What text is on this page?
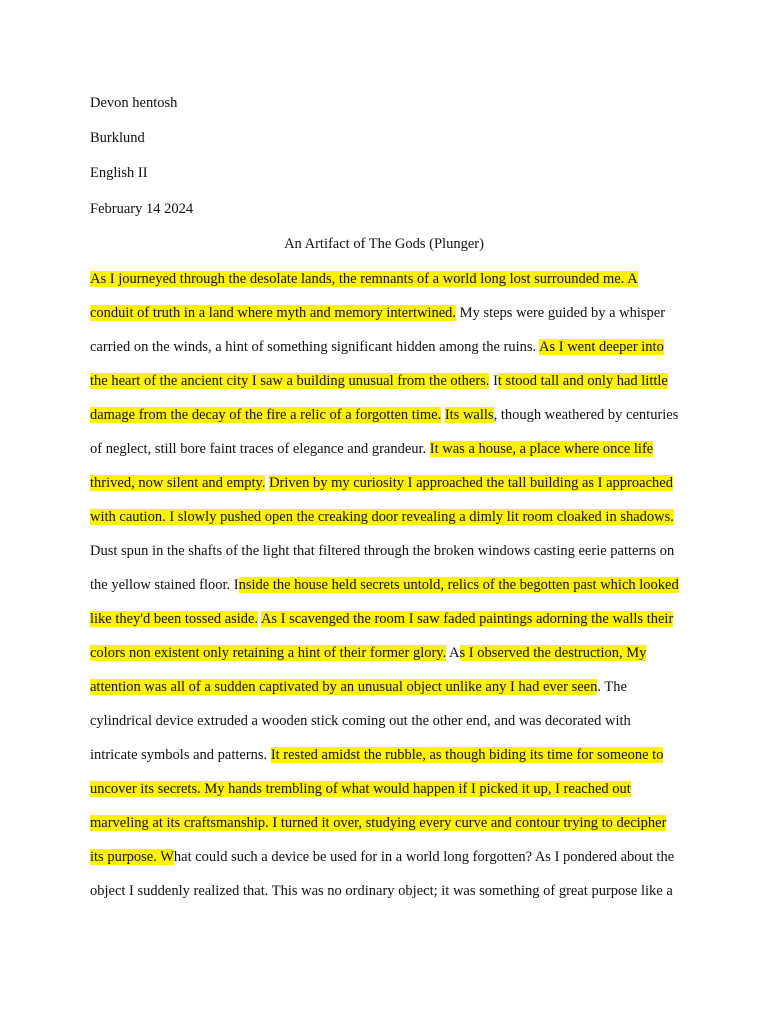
Devon hentosh
Burklund
English II
February 14 2024
An Artifact of The Gods (Plunger)
As I journeyed through the desolate lands, the remnants of a world long lost surrounded me. A
conduit of truth in a land where myth and memory intertwined. My steps were guided by a whisper
carried on the winds, a hint of something significant hidden among the ruins. As I went deeper into
the heart of the ancient city I saw a building unusual from the others. It stood tall and only had little
damage from the decay of the fire a relic of a forgotten time. Its walls, though weathered by centuries
of neglect, still bore faint traces of elegance and grandeur. It was a house, a place where once life
thrived, now silent and empty. Driven by my curiosity I approached the tall building as I approached
with caution. I slowly pushed open the creaking door revealing a dimly lit room cloaked in shadows.
Dust spun in the shafts of the light that filtered through the broken windows casting eerie patterns on
the yellow stained floor. Inside the house held secrets untold, relics of the begotten past which looked
like they'd been tossed aside. As I scavenged the room I saw faded paintings adorning the walls their
colors non existent only retaining a hint of their former glory. As I observed the destruction, My
attention was all of a sudden captivated by an unusual object unlike any I had ever seen. The
cylindrical device extruded a wooden stick coming out the other end, and was decorated with
intricate symbols and patterns. It rested amidst the rubble, as though biding its time for someone to
uncover its secrets. My hands trembling of what would happen if I picked it up, I reached out
marveling at its craftsmanship. I turned it over, studying every curve and contour trying to decipher
its purpose. What could such a device be used for in a world long forgotten? As I pondered about the
object I suddenly realized that. This was no ordinary object; it was something of great purpose like a
